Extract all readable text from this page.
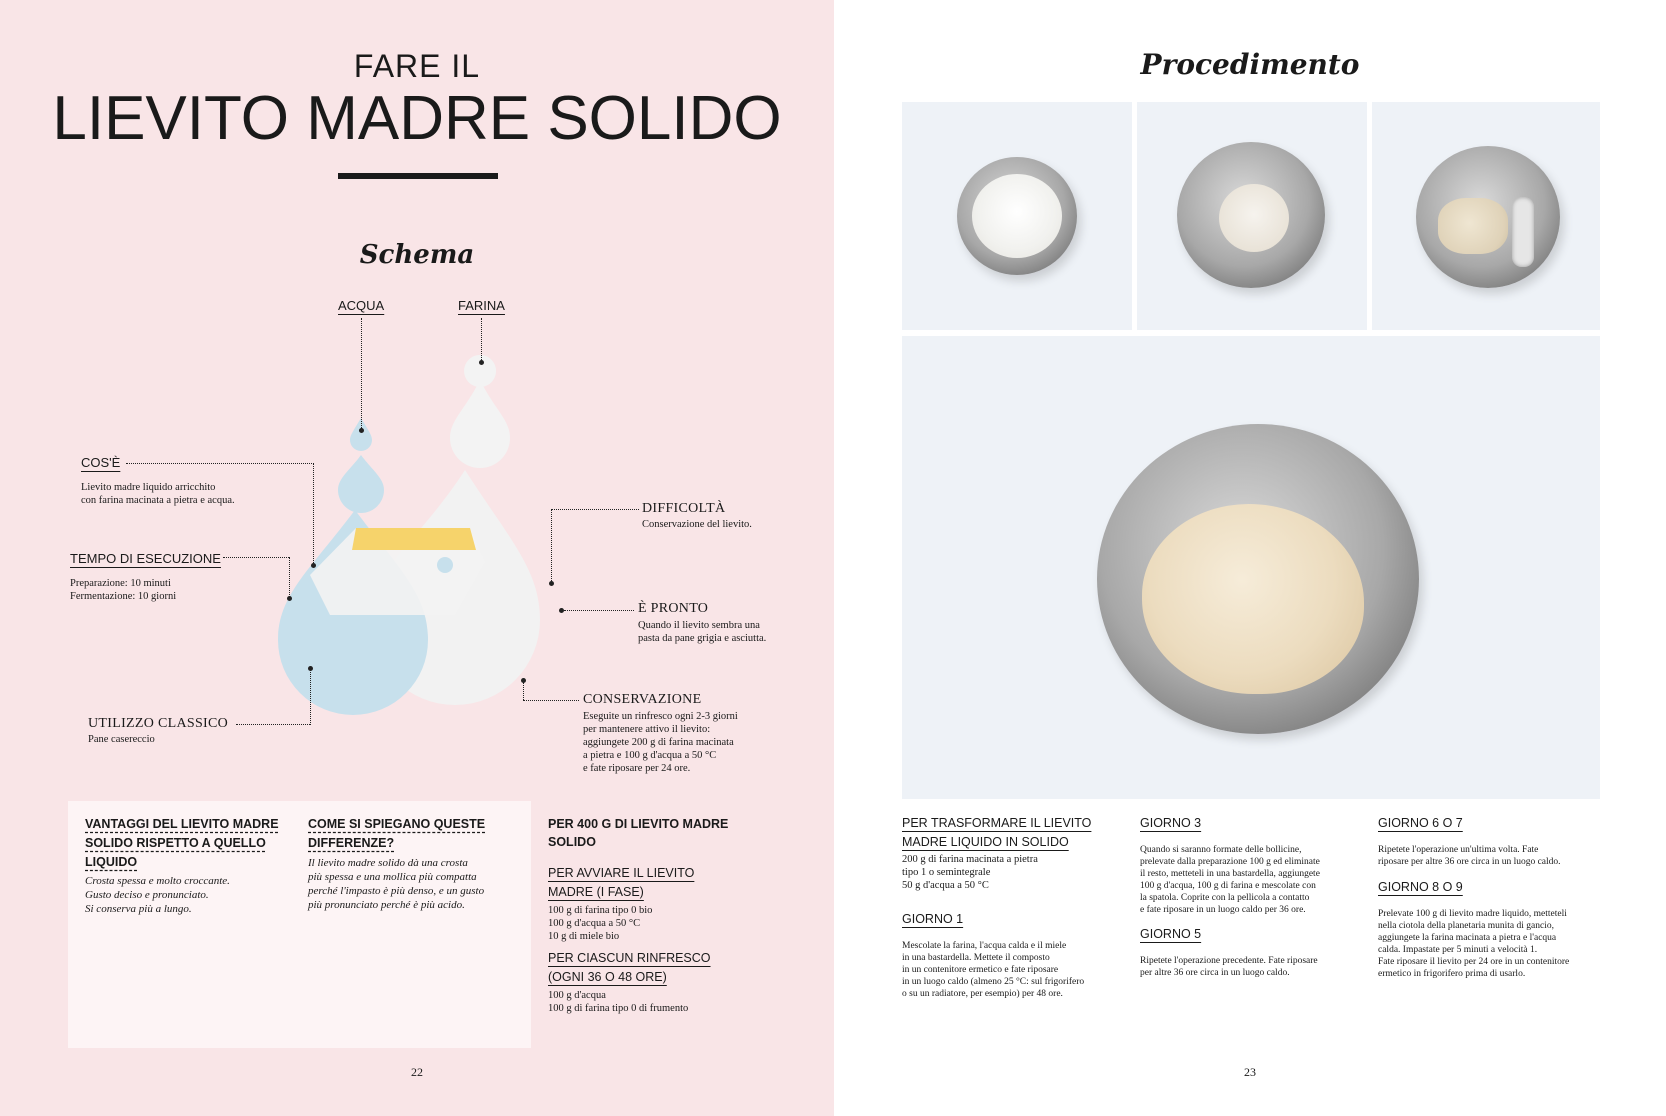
FARE IL
LIEVITO MADRE SOLIDO
Schema
ACQUA	FARINA
COS'È
Lievito madre liquido arricchito
con farina macinata a pietra e acqua.
TEMPO DI ESECUZIONE
Preparazione: 10 minuti
Fermentazione: 10 giorni
UTILIZZO CLASSICO
Pane casereccio
DIFFICOLTÀ
Conservazione del lievito.
È PRONTO
Quando il lievito sembra una
pasta da pane grigia e asciutta.
CONSERVAZIONE
Eseguite un rinfresco ogni 2-3 giorni
per mantenere attivo il lievito:
aggiungete 200 g di farina macinata
a pietra e 100 g d'acqua a 50 °C
e fate riposare per 24 ore.
VANTAGGI DEL LIEVITO MADRE
SOLIDO RISPETTO A QUELLO
LIQUIDO
Crosta spessa e molto croccante.
Gusto deciso e pronunciato.
Si conserva più a lungo.
COME SI SPIEGANO QUESTE
DIFFERENZE?
Il lievito madre solido dà una crosta
più spessa e una mollica più compatta
perché l'impasto è più denso, e un gusto
più pronunciato perché è più acido.
PER 400 G DI LIEVITO MADRE
SOLIDO
PER AVVIARE IL LIEVITO
MADRE (I FASE)
100 g di farina tipo 0 bio
100 g d'acqua a 50 °C
10 g di miele bio
PER CIASCUN RINFRESCO
(OGNI 36 O 48 ORE)
100 g d'acqua
100 g di farina tipo 0 di frumento
22
Procedimento
PER TRASFORMARE IL LIEVITO
MADRE LIQUIDO IN SOLIDO
200 g di farina macinata a pietra
tipo 1 o semintegrale
50 g d'acqua a 50 °C
GIORNO 1
Mescolate la farina, l'acqua calda e il miele
in una bastardella. Mettete il composto
in un contenitore ermetico e fate riposare
in un luogo caldo (almeno 25 °C: sul frigorifero
o su un radiatore, per esempio) per 48 ore.
GIORNO 3
Quando si saranno formate delle bollicine,
prelevate dalla preparazione 100 g ed eliminate
il resto, metteteli in una bastardella, aggiungete
100 g d'acqua, 100 g di farina e mescolate con
la spatola. Coprite con la pellicola a contatto
e fate riposare in un luogo caldo per 36 ore.
GIORNO 5
Ripetete l'operazione precedente. Fate riposare
per altre 36 ore circa in un luogo caldo.
GIORNO 6 O 7
Ripetete l'operazione un'ultima volta. Fate
riposare per altre 36 ore circa in un luogo caldo.
GIORNO 8 O 9
Prelevate 100 g di lievito madre liquido, metteteli
nella ciotola della planetaria munita di gancio,
aggiungete la farina macinata a pietra e l'acqua
calda. Impastate per 5 minuti a velocità 1.
Fate riposare il lievito per 24 ore in un contenitore
ermetico in frigorifero prima di usarlo.
23
